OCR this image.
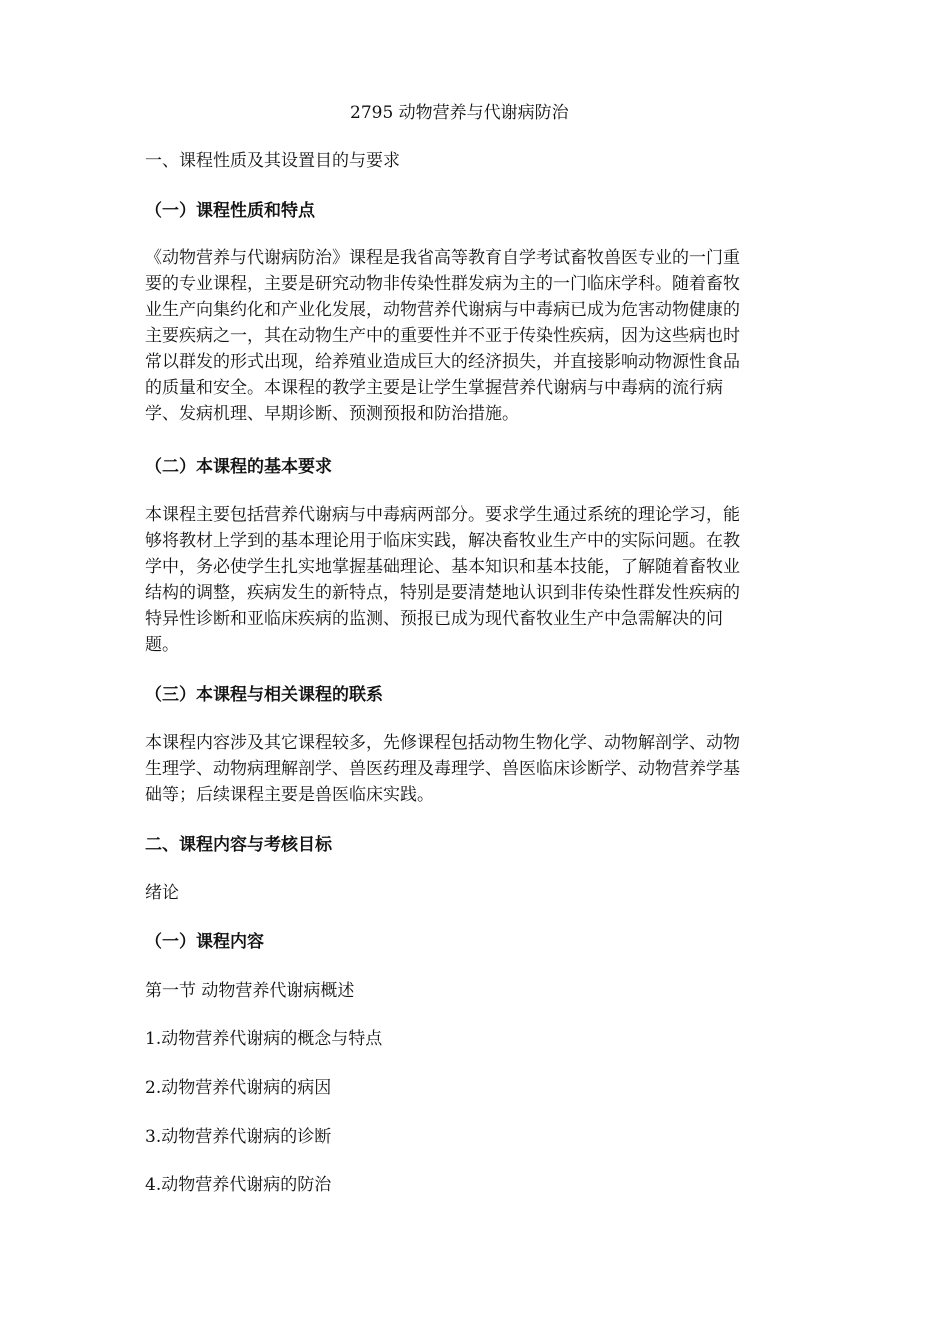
2795 动物营养与代谢病防治
一、课程性质及其设置目的与要求
（一）课程性质和特点
《动物营养与代谢病防治》课程是我省高等教育自学考试畜牧兽医专业的一门重
要的专业课程，主要是研究动物非传染性群发病为主的一门临床学科。随着畜牧
业生产向集约化和产业化发展，动物营养代谢病与中毒病已成为危害动物健康的
主要疾病之一，其在动物生产中的重要性并不亚于传染性疾病，因为这些病也时
常以群发的形式出现，给养殖业造成巨大的经济损失，并直接影响动物源性食品
的质量和安全。本课程的教学主要是让学生掌握营养代谢病与中毒病的流行病
学、发病机理、早期诊断、预测预报和防治措施。
（二）本课程的基本要求
本课程主要包括营养代谢病与中毒病两部分。要求学生通过系统的理论学习，能
够将教材上学到的基本理论用于临床实践，解决畜牧业生产中的实际问题。在教
学中，务必使学生扎实地掌握基础理论、基本知识和基本技能，了解随着畜牧业
结构的调整，疾病发生的新特点，特别是要清楚地认识到非传染性群发性疾病的
特异性诊断和亚临床疾病的监测、预报已成为现代畜牧业生产中急需解决的问
题。
（三）本课程与相关课程的联系
本课程内容涉及其它课程较多，先修课程包括动物生物化学、动物解剖学、动物
生理学、动物病理解剖学、兽医药理及毒理学、兽医临床诊断学、动物营养学基
础等；后续课程主要是兽医临床实践。
二、课程内容与考核目标
绪论
（一）课程内容
第一节 动物营养代谢病概述
1.动物营养代谢病的概念与特点
2.动物营养代谢病的病因
3.动物营养代谢病的诊断
4.动物营养代谢病的防治
